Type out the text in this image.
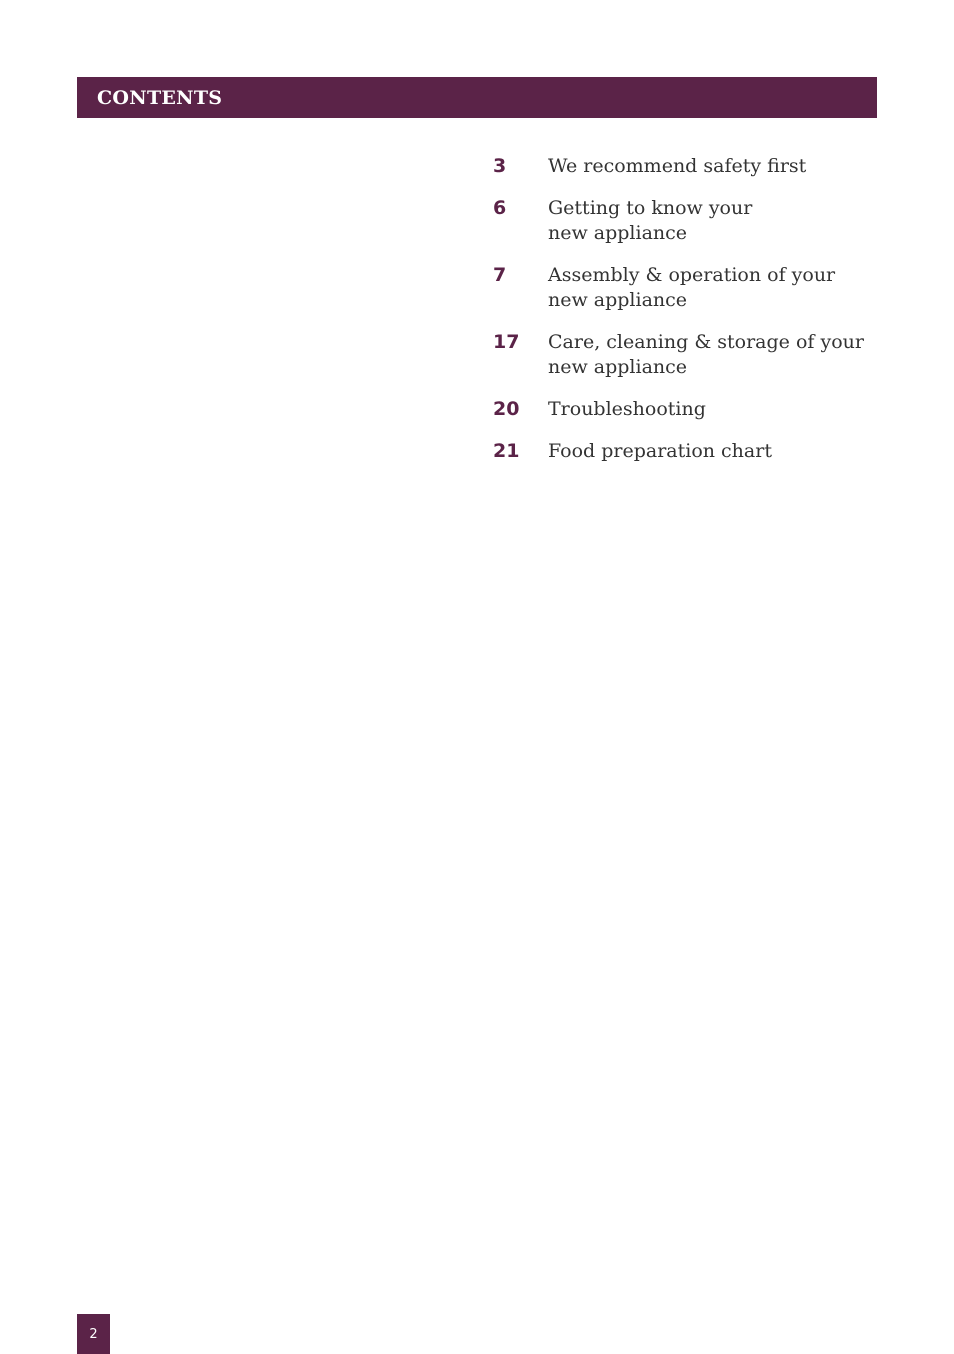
CONTENTS
3	We recommend safety first
6	Getting to know your
new appliance
7	Assembly & operation of your
new appliance
17	Care, cleaning & storage of your
new appliance
20	Troubleshooting
21	Food preparation chart
2
